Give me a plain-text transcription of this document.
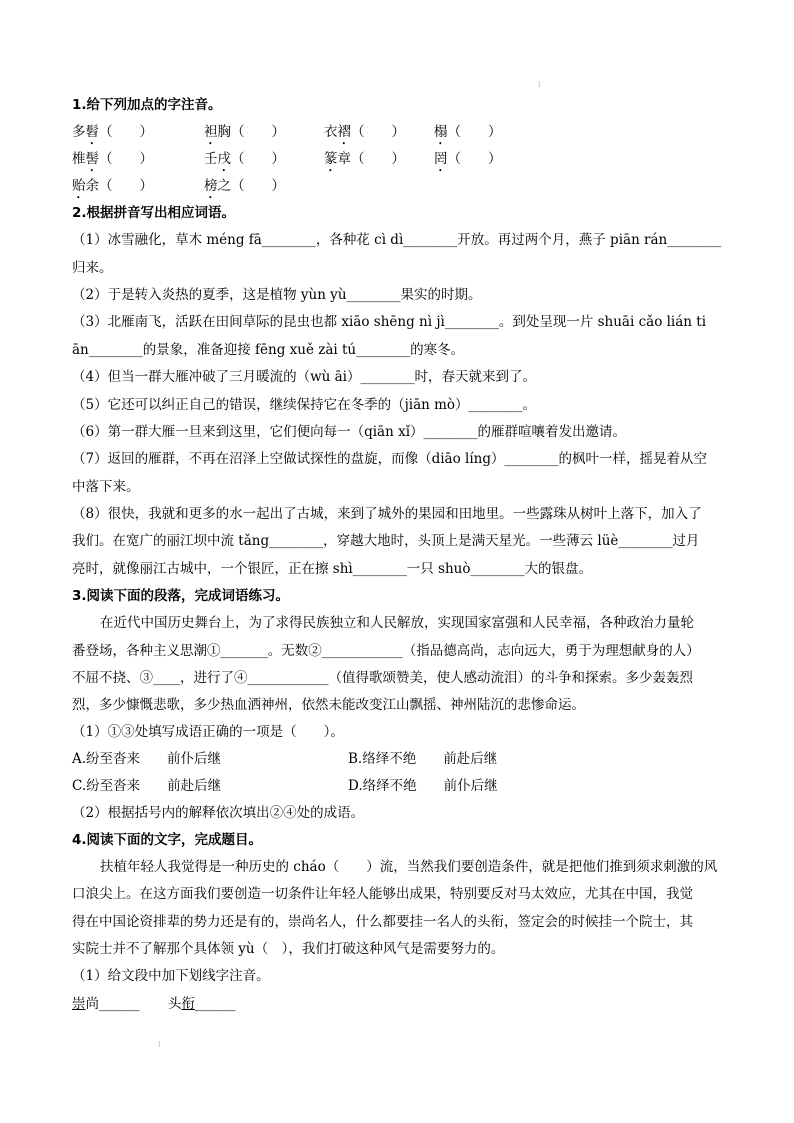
ⅰ
1.给下列加点的字注音。
多髫（　　）	袒胸（　　）	衣褶（　　） 榻（　　）
椎髻（　　）	壬戌（　　）	篆章（　　） 罔（　　）
贻余（　　）	榜之（　　）
2.根据拼音写出相应词语。
（1）冰雪融化，草木 méng fā________，各种花 cì dì________开放。再过两个月，燕子 piān rán________
归来。
（2）于是转入炎热的夏季，这是植物 yùn yù________果实的时期。
（3）北雁南飞，活跃在田间草际的昆虫也都 xiāo shēng nì jì________。到处呈现一片 shuāi cǎo lián ti
ān________的景象，准备迎接 fēng xuě zài tú________的寒冬。
（4）但当一群大雁冲破了三月暖流的（wù āi）________时，春天就来到了。
（5）它还可以纠正自己的错误，继续保持它在冬季的（jiān mò）________。
（6）第一群大雁一旦来到这里，它们便向每一（qiān xǐ）________的雁群喧嚷着发出邀请。
（7）返回的雁群，不再在沼泽上空做试探性的盘旋，而像（diāo líng）________的枫叶一样，摇晃着从空
中落下来。
（8）很快，我就和更多的水一起出了古城，来到了城外的果园和田地里。一些露珠从树叶上落下，加入了
我们。在宽广的丽江坝中流 tǎng________，穿越大地时，头顶上是满天星光。一些薄云 lüè________过月
亮时，就像丽江古城中，一个银匠，正在擦 shì________一只 shuò________大的银盘。
3.阅读下面的段落，完成词语练习。
在近代中国历史舞台上，为了求得民族独立和人民解放，实现国家富强和人民幸福，各种政治力量轮
番登场，各种主义思潮①_______。无数②____________（指品德高尚，志向远大，勇于为理想献身的人）
不屈不挠、③____，进行了④____________（值得歌颂赞美，使人感动流泪）的斗争和探索。多少轰轰烈
烈，多少慷慨悲歌，多少热血洒神州，依然未能改变江山飘摇、神州陆沉的悲惨命运。
（1）①③处填写成语正确的一项是（　　）。
A.纷至沓来　　前仆后继	B.络绎不绝　　前赴后继
C.纷至沓来　　前赴后继	D.络绎不绝　　前仆后继
（2）根据括号内的解释依次填出②④处的成语。
4.阅读下面的文字，完成题目。
扶植年轻人我觉得是一种历史的 cháo（　　）流，当然我们要创造条件，就是把他们推到须求刺激的风
口浪尖上。在这方面我们要创造一切条件让年轻人能够出成果，特别要反对马太效应，尤其在中国，我觉
得在中国论资排辈的势力还是有的，崇尚名人，什么都要挂一名人的头衔，签定会的时候挂一个院士，其
实院士并不了解那个具体领 yù（　），我们打破这种风气是需要努力的。
（1）给文段中加下划线字注音。
崇尚______ 头衔______
ⅰ
